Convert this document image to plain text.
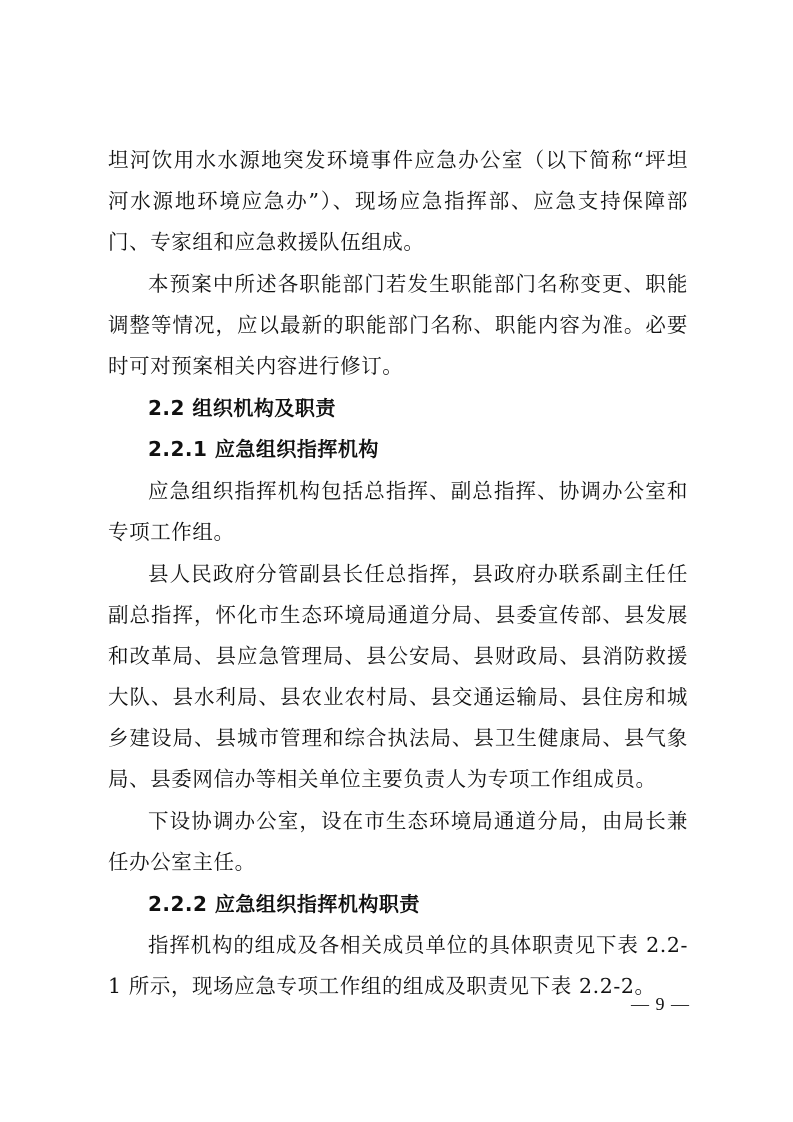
坦河饮用水水源地突发环境事件应急办公室（以下简称“坪坦
河水源地环境应急办”）、现场应急指挥部、应急支持保障部
门、专家组和应急救援队伍组成。
本预案中所述各职能部门若发生职能部门名称变更、职能
调整等情况，应以最新的职能部门名称、职能内容为准。必要
时可对预案相关内容进行修订。
2.2 组织机构及职责
2.2.1 应急组织指挥机构
应急组织指挥机构包括总指挥、副总指挥、协调办公室和
专项工作组。
县人民政府分管副县长任总指挥，县政府办联系副主任任
副总指挥，怀化市生态环境局通道分局、县委宣传部、县发展
和改革局、县应急管理局、县公安局、县财政局、县消防救援
大队、县水利局、县农业农村局、县交通运输局、县住房和城
乡建设局、县城市管理和综合执法局、县卫生健康局、县气象
局、县委网信办等相关单位主要负责人为专项工作组成员。
下设协调办公室，设在市生态环境局通道分局，由局长兼
任办公室主任。
2.2.2 应急组织指挥机构职责
指挥机构的组成及各相关成员单位的具体职责见下表 2.2-
1 所示，现场应急专项工作组的组成及职责见下表 2.2-2。
— 9 —
